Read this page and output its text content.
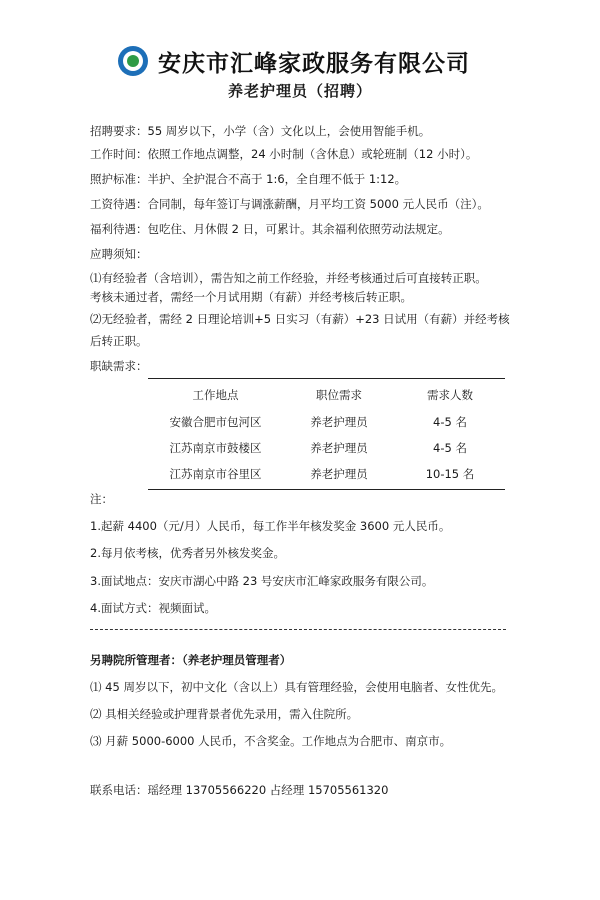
安庆市汇峰家政服务有限公司
养老护理员（招聘）
招聘要求：55 周岁以下，小学（含）文化以上，会使用智能手机。
工作时间：依照工作地点调整，24 小时制（含休息）或轮班制（12 小时）。
照护标准：半护、全护混合不高于 1:6，全自理不低于 1:12。
工资待遇：合同制，每年签订与调涨薪酬，月平均工资 5000 元人民币（注）。
福利待遇：包吃住、月休假 2 日，可累计。其余福利依照劳动法规定。
应聘须知：
⑴有经验者（含培训），需告知之前工作经验，并经考核通过后可直接转正职。
考核未通过者，需经一个月试用期（有薪）并经考核后转正职。
⑵无经验者，需经 2 日理论培训+5 日实习（有薪）+23 日试用（有薪）并经考核
后转正职。
职缺需求：
工作地点	职位需求	需求人数
安徽合肥市包河区	养老护理员	4-5 名
江苏南京市鼓楼区	养老护理员	4-5 名
江苏南京市谷里区	养老护理员	10-15 名
注：
1.起薪 4400（元/月）人民币，每工作半年核发奖金 3600 元人民币。
2.每月依考核，优秀者另外核发奖金。
3.面试地点：安庆市湖心中路 23 号安庆市汇峰家政服务有限公司。
4.面试方式：视频面试。
另聘院所管理者：（养老护理员管理者）
⑴ 45 周岁以下，初中文化（含以上）具有管理经验，会使用电脑者、女性优先。
⑵ 具相关经验或护理背景者优先录用，需入住院所。
⑶ 月薪 5000-6000 人民币，不含奖金。工作地点为合肥市、南京市。
联系电话：瑶经理 13705566220 占经理 15705561320
